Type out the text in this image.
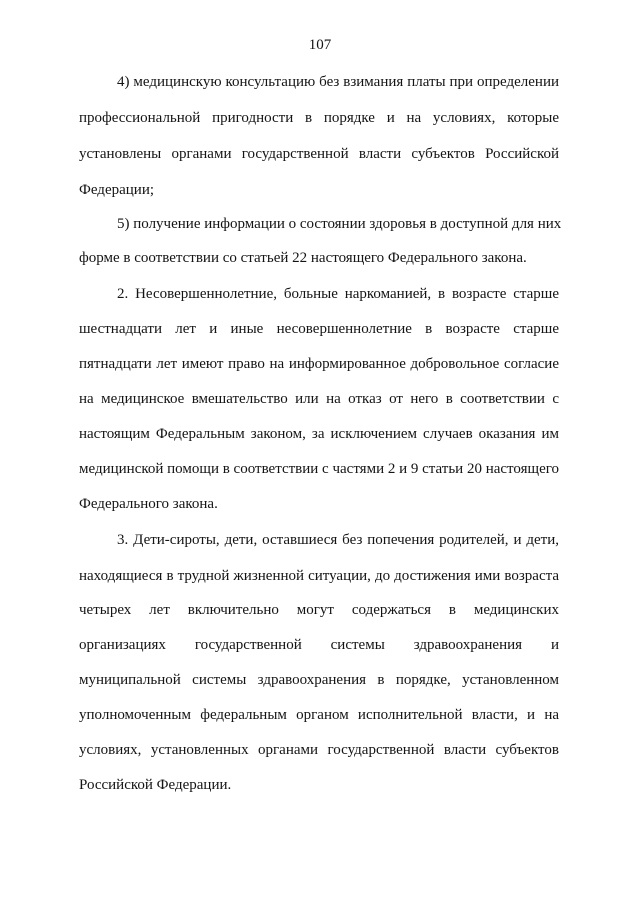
107
4) медицинскую консультацию без взимания платы при определении
профессиональной пригодности в порядке и на условиях, которые
установлены органами государственной власти субъектов Российской
Федерации;
5) получение информации о состоянии здоровья в доступной для них
форме в соответствии со статьей 22 настоящего Федерального закона.
2. Несовершеннолетние, больные наркоманией, в возрасте старше
шестнадцати лет и иные несовершеннолетние в возрасте старше
пятнадцати лет имеют право на информированное добровольное согласие
на медицинское вмешательство или на отказ от него в соответствии с
настоящим Федеральным законом, за исключением случаев оказания им
медицинской помощи в соответствии с частями 2 и 9 статьи 20 настоящего
Федерального закона.
3. Дети-сироты, дети, оставшиеся без попечения родителей, и дети,
находящиеся в трудной жизненной ситуации, до достижения ими возраста
четырех лет включительно могут содержаться в медицинских
организациях государственной системы здравоохранения и
муниципальной системы здравоохранения в порядке, установленном
уполномоченным федеральным органом исполнительной власти, и на
условиях, установленных органами государственной власти субъектов
Российской Федерации.
